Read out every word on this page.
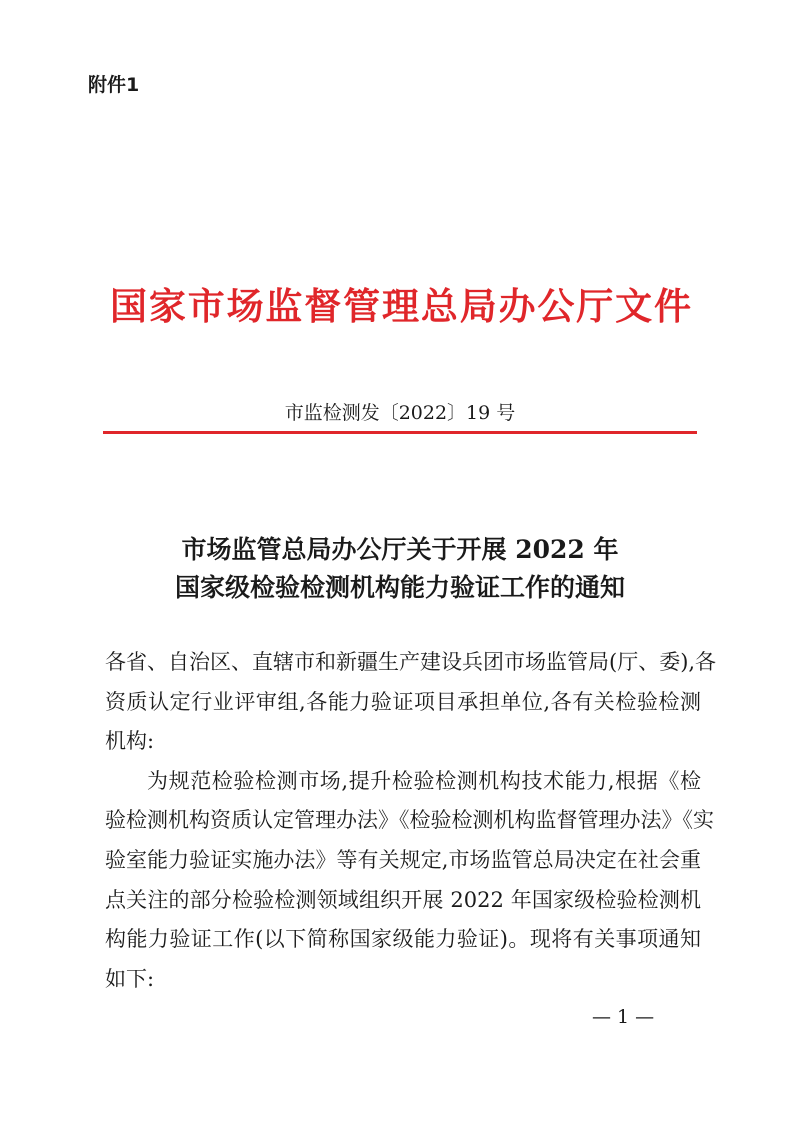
附件1
国家市场监督管理总局办公厅文件
市监检测发〔2022〕19 号
市场监管总局办公厅关于开展 2022 年
国家级检验检测机构能力验证工作的通知
各省、自治区、直辖市和新疆生产建设兵团市场监管局(厅、委),各
资质认定行业评审组,各能力验证项目承担单位,各有关检验检测
机构:
为规范检验检测市场,提升检验检测机构技术能力,根据《检
验检测机构资质认定管理办法》《检验检测机构监督管理办法》《实
验室能力验证实施办法》等有关规定,市场监管总局决定在社会重
点关注的部分检验检测领域组织开展 2022 年国家级检验检测机
构能力验证工作(以下简称国家级能力验证)。现将有关事项通知
如下:
— 1 —
